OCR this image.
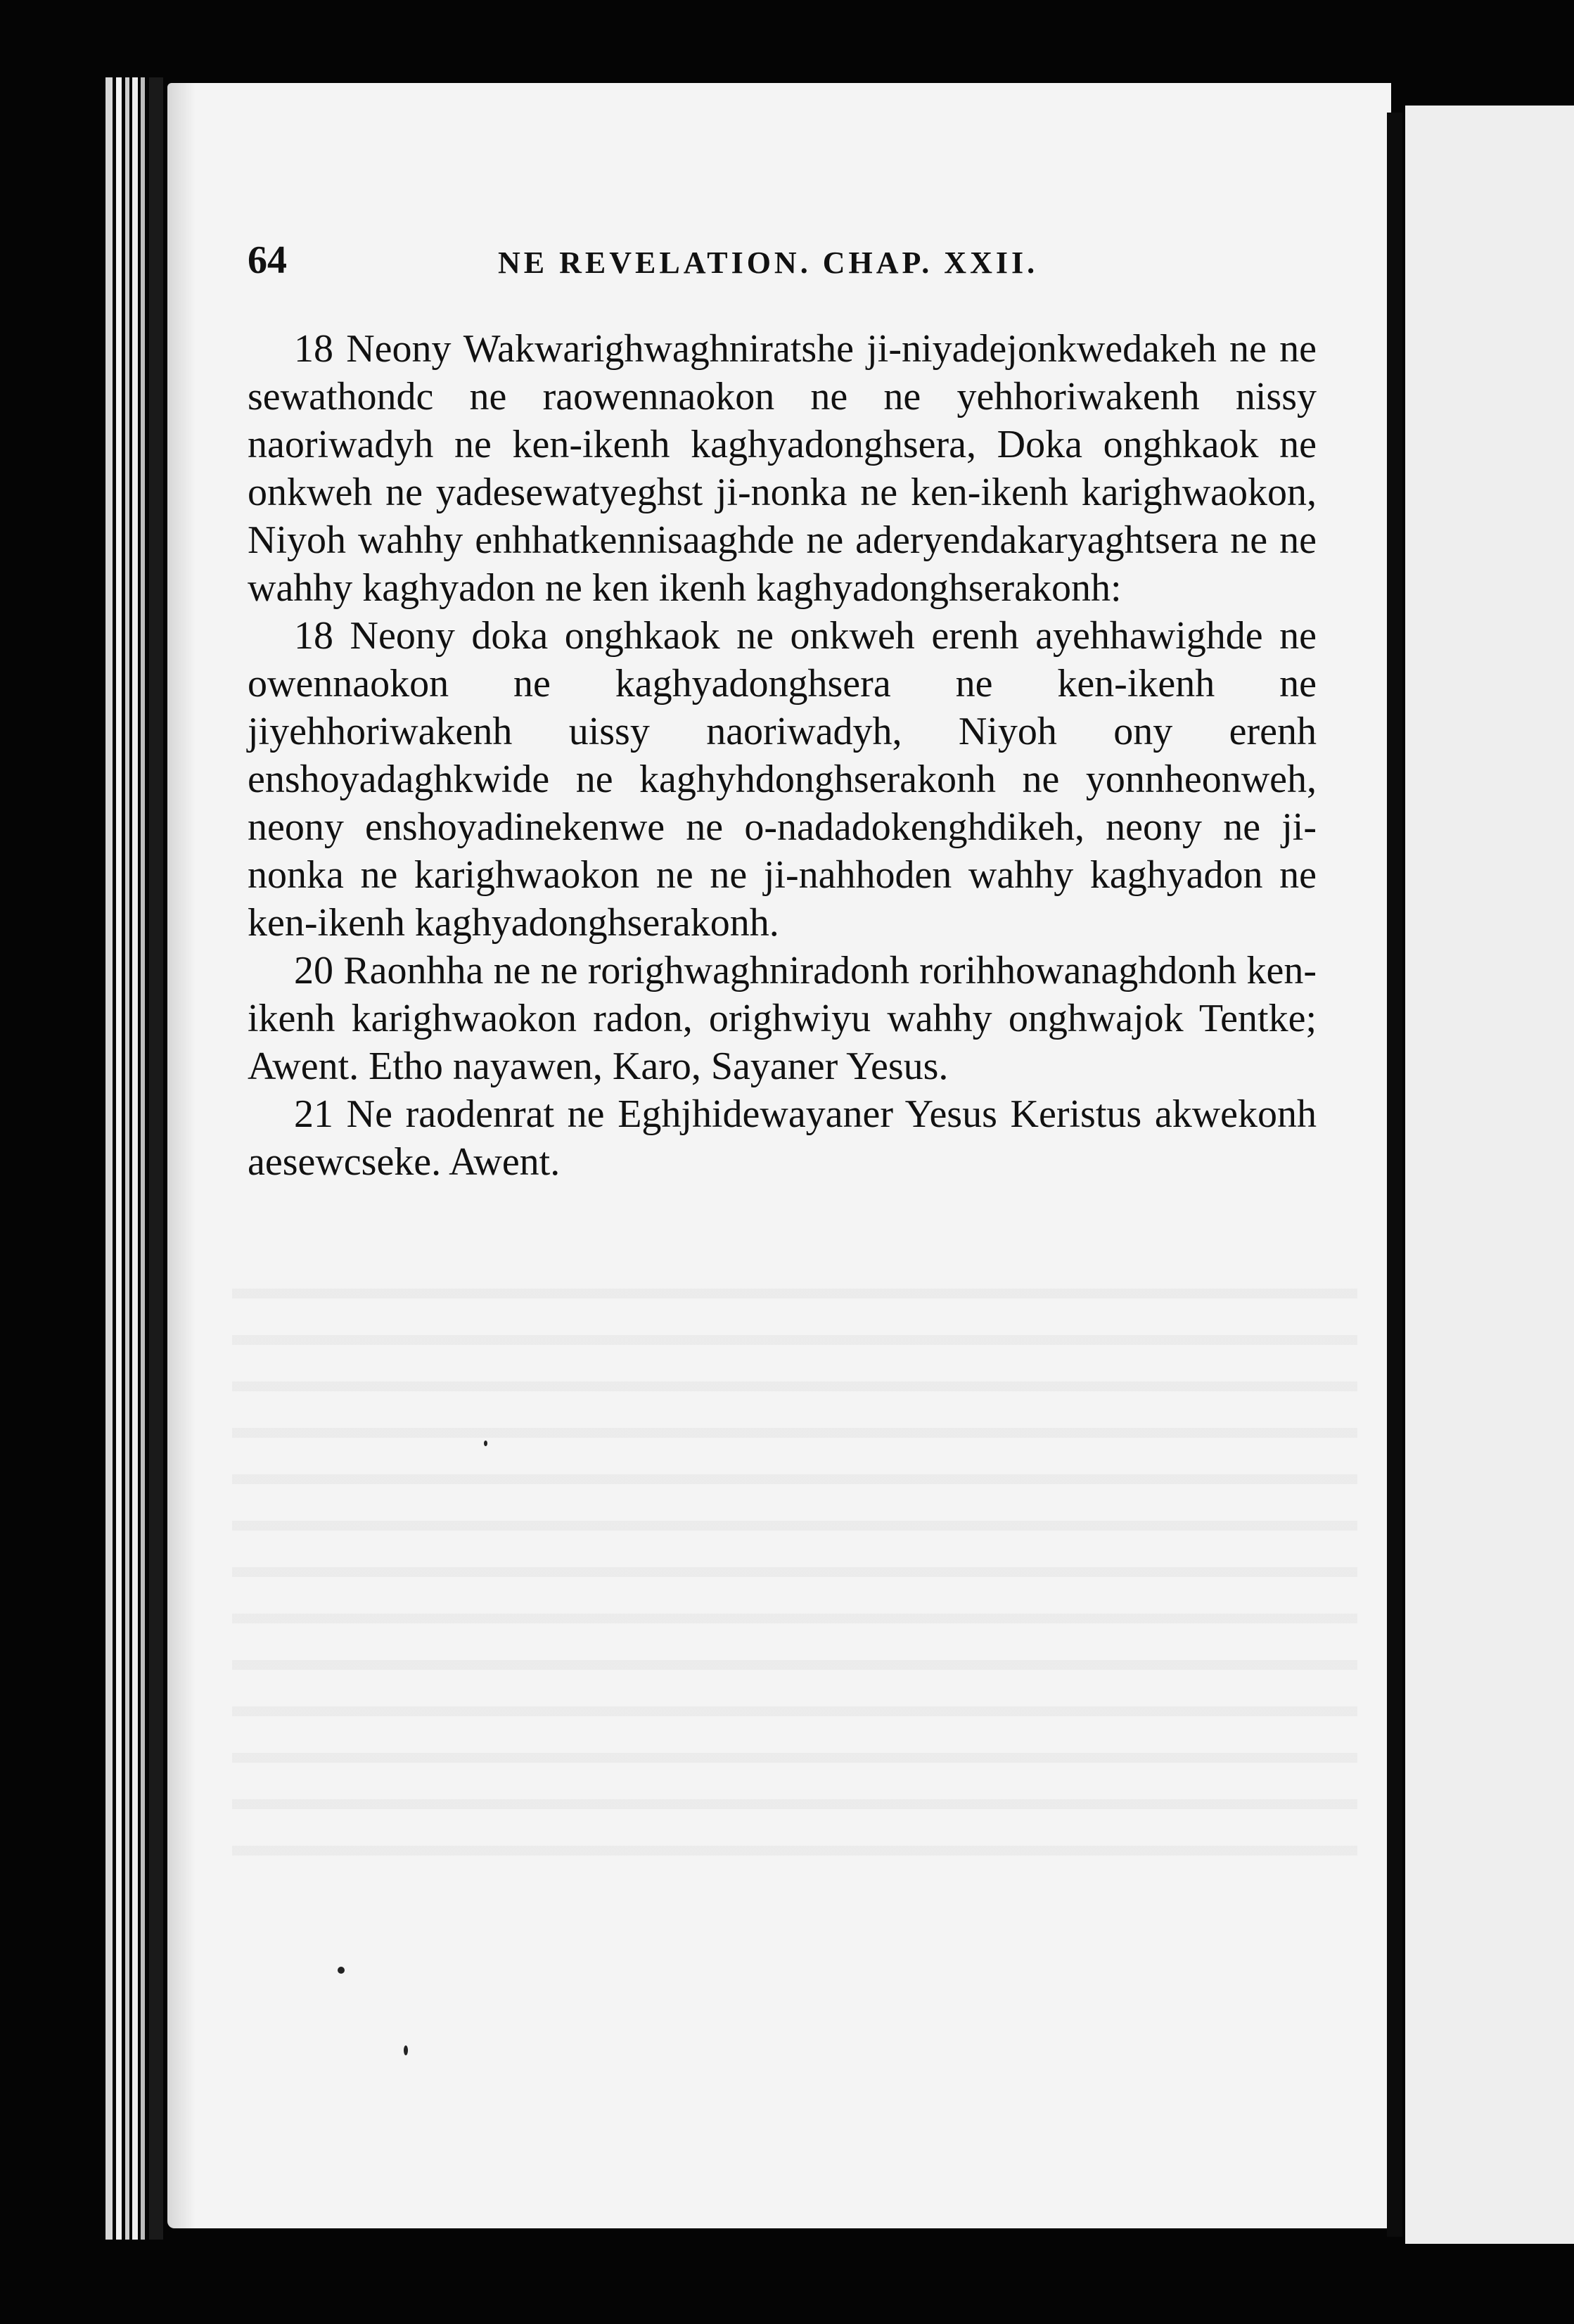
64	NE REVELATION. CHAP. XXII.

18 Neony Wakwarighwaghniratshe ji-niyadejonkwedakeh ne ne sewathondc ne raowennaokon ne ne yehhoriwakenh nissy naoriwadyh ne ken-ikenh kaghyadonghsera, Doka onghkaok ne onkweh ne yadesewatyeghst ji-nonka ne ken-ikenh karighwaokon, Niyoh wahhy enhhatkennisaaghde ne aderyendakaryaghtsera ne ne wahhy kaghyadon ne ken ikenh kaghyadonghserakonh:

18 Neony doka onghkaok ne onkweh erenh ayehhawighde ne owennaokon ne kaghyadonghsera ne ken-ikenh ne jiyehhoriwakenh uissy naoriwadyh, Niyoh ony erenh enshoyadaghkwide ne kaghyhdonghserakonh ne yonnheonweh, neony enshoyadinekenwe ne o-nadadokenghdikeh, neony ne ji-nonka ne karighwaokon ne ne ji-nahhoden wahhy kaghyadon ne ken-ikenh kaghyadonghserakonh.

20 Raonhha ne ne rorighwaghniradonh rorihhowanaghdonh ken-ikenh karighwaokon radon, orighwiyu wahhy onghwajok Tentke; Awent. Etho nayawen, Karo, Sayaner Yesus.

21 Ne raodenrat ne Eghjhidewayaner Yesus Keristus akwekonh aesewcseke. Awent.
